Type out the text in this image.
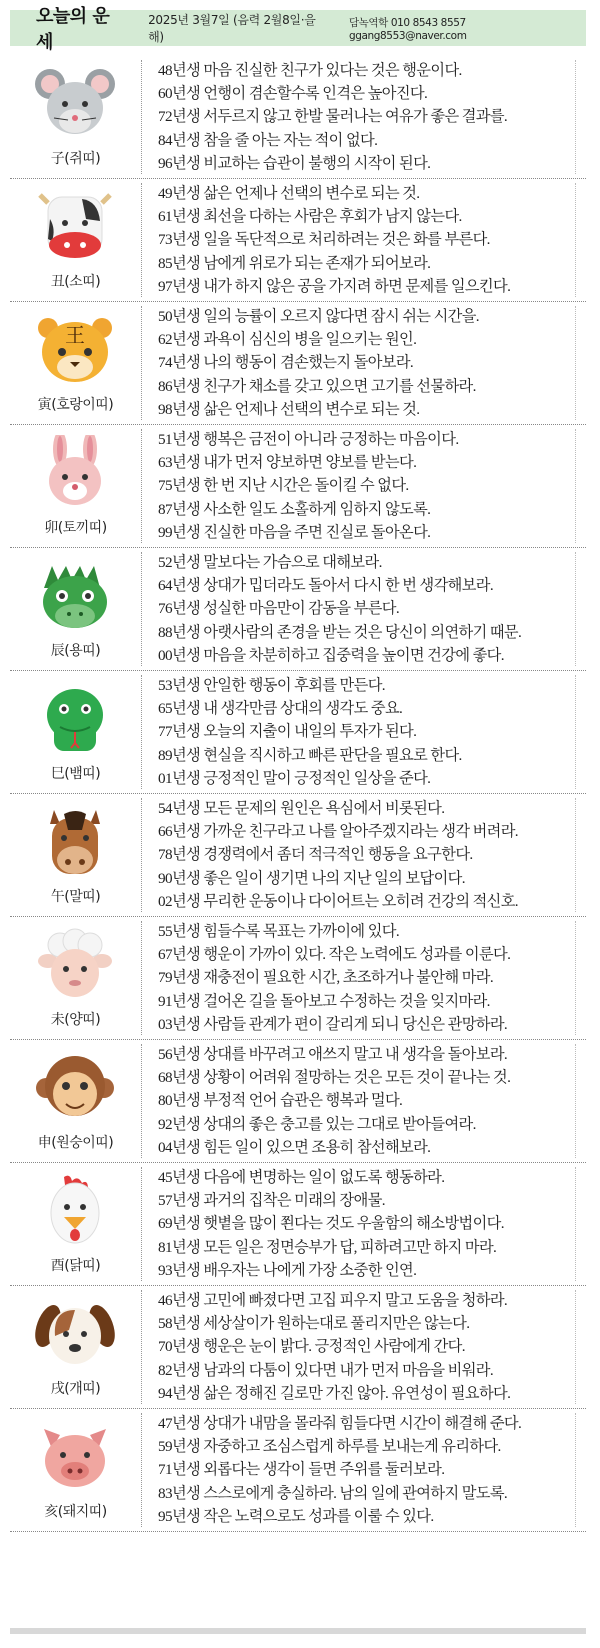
오늘의 운세
2025년 3월7일 (음력 2월8일·을해)
담녹역학 010 8543 8557 ggang8553@naver.com
子(쥐띠)
48년생 마음 진실한 친구가 있다는 것은 행운이다.
60년생 언행이 겸손할수록 인격은 높아진다.
72년생 서두르지 않고 한발 물러나는 여유가 좋은 결과를.
84년생 참을 줄 아는 자는 적이 없다.
96년생 비교하는 습관이 불행의 시작이 된다.
丑(소띠)
49년생 삶은 언제나 선택의 변수로 되는 것.
61년생 최선을 다하는 사람은 후회가 남지 않는다.
73년생 일을 독단적으로 처리하려는 것은 화를 부른다.
85년생 남에게 위로가 되는 존재가 되어보라.
97년생 내가 하지 않은 공을 가지려 하면 문제를 일으킨다.
王
寅(호랑이띠)
50년생 일의 능률이 오르지 않다면 잠시 쉬는 시간을.
62년생 과욕이 심신의 병을 일으키는 원인.
74년생 나의 행동이 겸손했는지 돌아보라.
86년생 친구가 채소를 갖고 있으면 고기를 선물하라.
98년생 삶은 언제나 선택의 변수로 되는 것.
卯(토끼띠)
51년생 행복은 금전이 아니라 긍정하는 마음이다.
63년생 내가 먼저 양보하면 양보를 받는다.
75년생 한 번 지난 시간은 돌이킬 수 없다.
87년생 사소한 일도 소홀하게 임하지 않도록.
99년생 진실한 마음을 주면 진실로 돌아온다.
辰(용띠)
52년생 말보다는 가슴으로 대해보라.
64년생 상대가 밉더라도 돌아서 다시 한 번 생각해보라.
76년생 성실한 마음만이 감동을 부른다.
88년생 아랫사람의 존경을 받는 것은 당신이 의연하기 때문.
00년생 마음을 차분히하고 집중력을 높이면 건강에 좋다.
巳(뱀띠)
53년생 안일한 행동이 후회를 만든다.
65년생 내 생각만큼 상대의 생각도 중요.
77년생 오늘의 지출이 내일의 투자가 된다.
89년생 현실을 직시하고 빠른 판단을 필요로 한다.
01년생 긍정적인 말이 긍정적인 일상을 준다.
午(말띠)
54년생 모든 문제의 원인은 욕심에서 비롯된다.
66년생 가까운 친구라고 나를 알아주겠지라는 생각 버려라.
78년생 경쟁력에서 좀더 적극적인 행동을 요구한다.
90년생 좋은 일이 생기면 나의 지난 일의 보답이다.
02년생 무리한 운동이나 다이어트는 오히려 건강의 적신호.
未(양띠)
55년생 힘들수록 목표는 가까이에 있다.
67년생 행운이 가까이 있다. 작은 노력에도 성과를 이룬다.
79년생 재충전이 필요한 시간, 초조하거나 불안해 마라.
91년생 걸어온 길을 돌아보고 수정하는 것을 잊지마라.
03년생 사람들 관계가 편이 갈리게 되니 당신은 관망하라.
申(원숭이띠)
56년생 상대를 바꾸려고 애쓰지 말고 내 생각을 돌아보라.
68년생 상황이 어려워 절망하는 것은 모든 것이 끝나는 것.
80년생 부정적 언어 습관은 행복과 멀다.
92년생 상대의 좋은 충고를 있는 그대로 받아들여라.
04년생 힘든 일이 있으면 조용히 참선해보라.
酉(닭띠)
45년생 다음에 변명하는 일이 없도록 행동하라.
57년생 과거의 집착은 미래의 장애물.
69년생 햇볕을 많이 쬔다는 것도 우울함의 해소방법이다.
81년생 모든 일은 정면승부가 답, 피하려고만 하지 마라.
93년생 배우자는 나에게 가장 소중한 인연.
戌(개띠)
46년생 고민에 빠졌다면 고집 피우지 말고 도움을 청하라.
58년생 세상살이가 원하는대로 풀리지만은 않는다.
70년생 행운은 눈이 밝다. 긍정적인 사람에게 간다.
82년생 남과의 다툼이 있다면 내가 먼저 마음을 비워라.
94년생 삶은 정해진 길로만 가진 않아. 유연성이 필요하다.
亥(돼지띠)
47년생 상대가 내맘을 몰라줘 힘들다면 시간이 해결해 준다.
59년생 자중하고 조심스럽게 하루를 보내는게 유리하다.
71년생 외롭다는 생각이 들면 주위를 둘러보라.
83년생 스스로에게 충실하라. 남의 일에 관여하지 말도록.
95년생 작은 노력으로도 성과를 이룰 수 있다.
